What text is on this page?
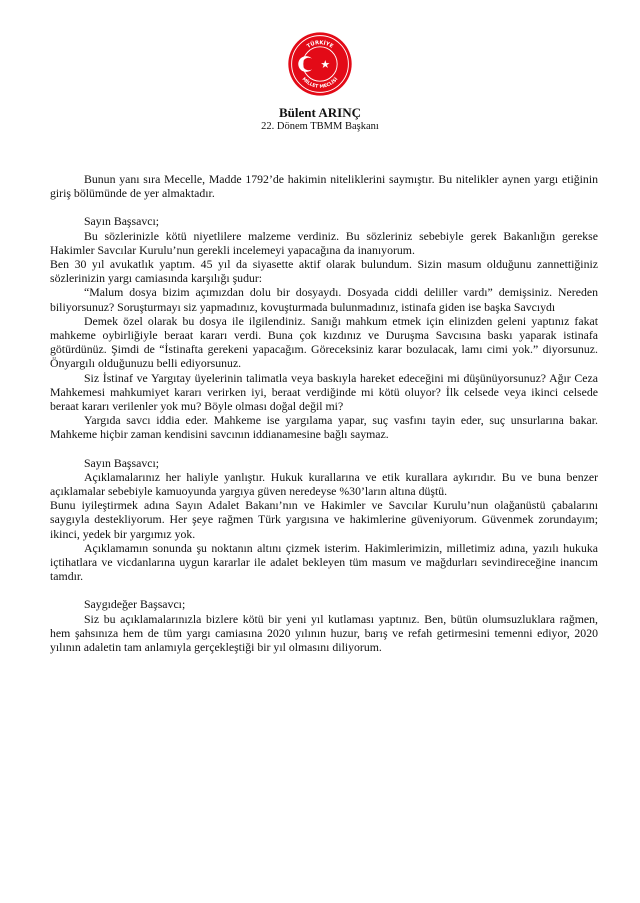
TÜRKİYE
MİLLET MECLİSİ
Bülent ARINÇ
22. Dönem TBMM Başkanı

Bunun yanı sıra Mecelle, Madde 1792’de hakimin niteliklerini saymıştır. Bu nitelikler aynen yargı etiğinin giriş bölümünde de yer almaktadır.

Sayın Başsavcı;

Bu sözlerinizle kötü niyetlilere malzeme verdiniz. Bu sözleriniz sebebiyle gerek Bakanlığın gerekse Hakimler Savcılar Kurulu’nun gerekli incelemeyi yapacağına da inanıyorum.

Ben 30 yıl avukatlık yaptım. 45 yıl da siyasette aktif olarak bulundum. Sizin masum olduğunu zannettiğiniz sözlerinizin yargı camiasında karşılığı şudur:

“Malum dosya bizim açımızdan dolu bir dosyaydı. Dosyada ciddi deliller vardı” demişsiniz. Nereden biliyorsunuz? Soruşturmayı siz yapmadınız, kovuşturmada bulunmadınız, istinafa giden ise başka Savcıydı

Demek özel olarak bu dosya ile ilgilendiniz. Sanığı mahkum etmek için elinizden geleni yaptınız fakat mahkeme oybirliğiyle beraat kararı verdi. Buna çok kızdınız ve Duruşma Savcısına baskı yaparak istinafa götürdünüz. Şimdi de “İstinafta gerekeni yapacağım. Göreceksiniz karar bozulacak, lamı cimi yok.” diyorsunuz. Önyargılı olduğunuzu belli ediyorsunuz.

Siz İstinaf ve Yargıtay üyelerinin talimatla veya baskıyla hareket edeceğini mi düşünüyorsunuz? Ağır Ceza Mahkemesi mahkumiyet kararı verirken iyi, beraat verdiğinde mi kötü oluyor? İlk celsede veya ikinci celsede beraat kararı verilenler yok mu? Böyle olması doğal değil mi?

Yargıda savcı iddia eder. Mahkeme ise yargılama yapar, suç vasfını tayin eder, suç unsurlarına bakar. Mahkeme hiçbir zaman kendisini savcının iddianamesine bağlı saymaz.

Sayın Başsavcı;

Açıklamalarınız her haliyle yanlıştır. Hukuk kurallarına ve etik kurallara aykırıdır. Bu ve buna benzer açıklamalar sebebiyle kamuoyunda yargıya güven neredeyse %30’ların altına düştü.

Bunu iyileştirmek adına Sayın Adalet Bakanı’nın ve Hakimler ve Savcılar Kurulu’nun olağanüstü çabalarını saygıyla destekliyorum. Her şeye rağmen Türk yargısına ve hakimlerine güveniyorum. Güvenmek zorundayım; ikinci, yedek bir yargımız yok.

Açıklamamın sonunda şu noktanın altını çizmek isterim. Hakimlerimizin, milletimiz adına, yazılı hukuka içtihatlara ve vicdanlarına uygun kararlar ile adalet bekleyen tüm masum ve mağdurları sevindireceğine inancım tamdır.

Saygıdeğer Başsavcı;

Siz bu açıklamalarınızla bizlere kötü bir yeni yıl kutlaması yaptınız. Ben, bütün olumsuzluklara rağmen, hem şahsınıza hem de tüm yargı camiasına 2020 yılının huzur, barış ve refah getirmesini temenni ediyor, 2020 yılının adaletin tam anlamıyla gerçekleştiği bir yıl olmasını diliyorum.
